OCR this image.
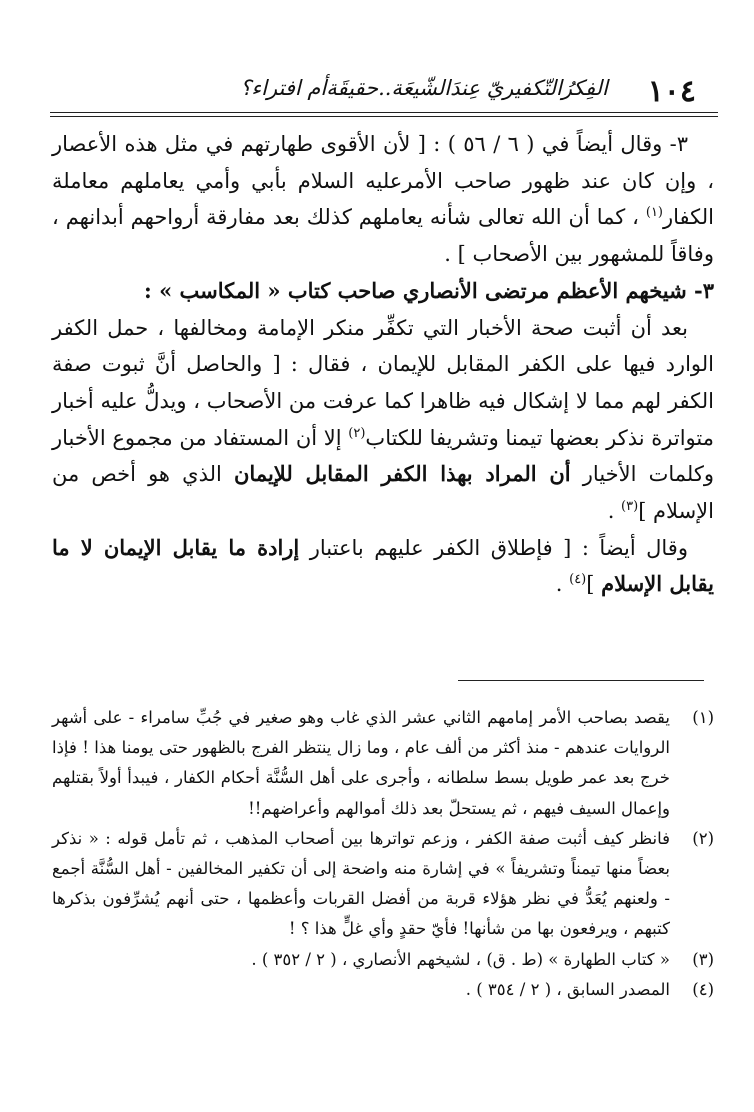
١٠٤
الفِكرُالتّكفيريّ عِندَالشّيعَة..حقيقَةأم افتراء؟

٣- وقال أيضاً في ( ٦ / ٥٦ ) : [ لأن الأقوى طهارتهم في مثل هذه الأعصار ، وإن كان عند ظهور صاحب الأمرعليه السلام بأبي وأمي يعاملهم معاملة الكفار$^{(١)}$ ، كما أن الله تعالى شأنه يعاملهم كذلك بعد مفارقة أرواحهم أبدانهم ، وفاقاً للمشهور بين الأصحاب ] .

٣- شيخهم الأعظم مرتضى الأنصاري صاحب كتاب « المكاسب » :

بعد أن أثبت صحة الأخبار التي تكفِّر منكر الإمامة ومخالفها ، حمل الكفر الوارد فيها على الكفر المقابل للإيمان ، فقال : [ والحاصل أنَّ ثبوت صفة الكفر لهم مما لا إشكال فيه ظاهرا كما عرفت من الأصحاب ، ويدلُّ عليه أخبار متواترة نذكر بعضها تيمنا وتشريفا للكتاب$^{(٢)}$ إلا أن المستفاد من مجموع الأخبار وكلمات الأخيار أن المراد بهذا الكفر المقابل للإيمان الذي هو أخص من الإسلام ]$^{(٣)}$ .

وقال أيضاً : [ فإطلاق الكفر عليهم باعتبار إرادة ما يقابل الإيمان لا ما يقابل الإسلام ]$^{(٤)}$ .

(١)

يقصد بصاحب الأمر إمامهم الثاني عشر الذي غاب وهو صغير في جُبِّ سامراء - على أشهر الروايات عندهم - منذ أكثر من ألف عام ، وما زال ينتظر الفرج بالظهور حتى يومنا هذا ! فإذا خرج بعد عمر طويل بسط سلطانه ، وأجرى على أهل السُّنَّة أحكام الكفار ، فيبدأ أولاً بقتلهم وإعمال السيف فيهم ، ثم يستحلّ بعد ذلك أموالهم وأعراضهم!!

(٢)

فانظر كيف أثبت صفة الكفر ، وزعم تواترها بين أصحاب المذهب ، ثم تأمل قوله : « نذكر بعضاً منها تيمناً وتشريفاً » في إشارة منه واضحة إلى أن تكفير المخالفين - أهل السُّنَّة أجمع - ولعنهم يُعَدُّ في نظر هؤلاء قربة من أفضل القربات وأعظمها ، حتى أنهم يُشرِّفون بذكرها كتبهم ، ويرفعون بها من شأنها! فأيّ حقدٍ وأي غلٍّ هذا ؟ !

(٣)

« كتاب الطهارة » (ط . ق) ، لشيخهم الأنصاري ، ( ٢ / ٣٥٢ ) .

(٤)

المصدر السابق ، ( ٢ / ٣٥٤ ) .
